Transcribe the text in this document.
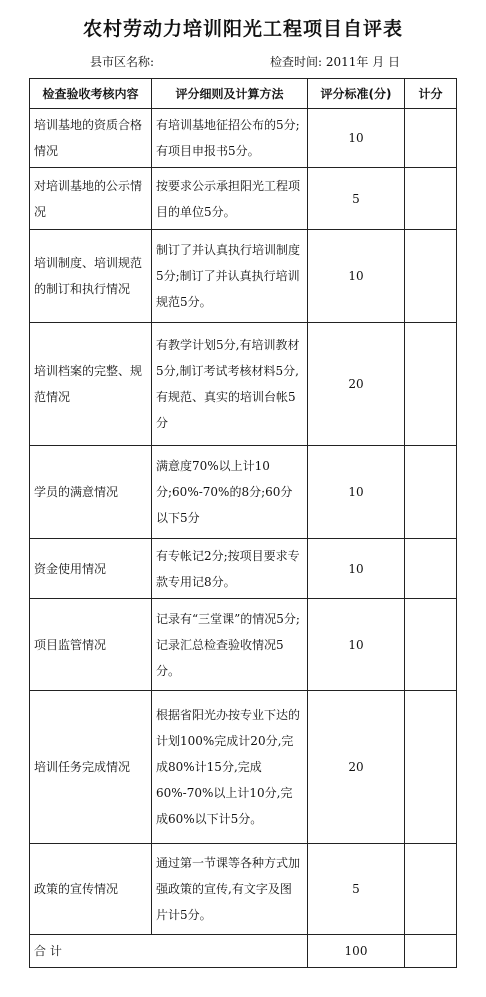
农村劳动力培训阳光工程项目自评表
县市区名称:	检查时间: 2011年 月 日
检查验收考核内容	评分细则及计算方法	评分标准(分)	计分
培训基地的资质合格情况	有培训基地征招公布的5分;有项目申报书5分。	10	
对培训基地的公示情况	按要求公示承担阳光工程项目的单位5分。	5	
培训制度、培训规范的制订和执行情况	制订了并认真执行培训制度5分;制订了并认真执行培训规范5分。	10	
培训档案的完整、规范情况	有教学计划5分,有培训教材5分,制订考试考核材料5分,有规范、真实的培训台帐5分	20	
学员的满意情况	满意度70%以上计10分;60%-70%的8分;60分以下5分	10	
资金使用情况	有专帐记2分;按项目要求专款专用记8分。	10	
项目监管情况	记录有“三堂课”的情况5分;记录汇总检查验收情况5分。	10	
培训任务完成情况	根据省阳光办按专业下达的计划100%完成计20分,完成80%计15分,完成60%-70%以上计10分,完成60%以下计5分。	20	
政策的宣传情况	通过第一节课等各种方式加强政策的宣传,有文字及图片计5分。	5	
合 计		100	
